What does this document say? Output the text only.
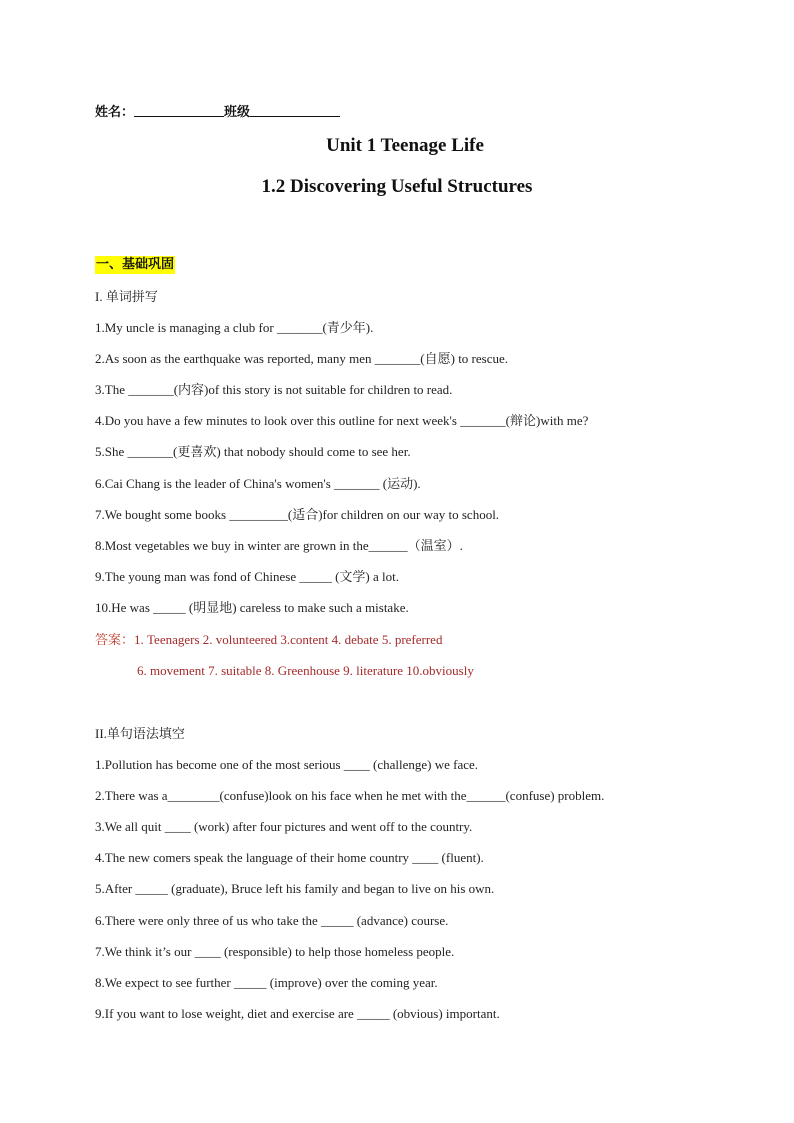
姓名：	班级
Unit 1 Teenage Life
1.2 Discovering Useful Structures
一、基础巩固
I. 单词拼写
1.My uncle is managing a club for _______(青少年).
2.As soon as the earthquake was reported, many men _______(自愿) to rescue.
3.The _______(内容)of this story is not suitable for children to read.
4.Do you have a few minutes to look over this outline for next week's _______(辩论)with me?
5.She _______(更喜欢) that nobody should come to see her.
6.Cai Chang is the leader of China's women's _______ (运动).
7.We bought some books _________(适合)for children on our way to school.
8.Most vegetables we buy in winter are grown in the______（温室）.
9.The young man was fond of Chinese _____ (文学) a lot.
10.He was _____ (明显地) careless to make such a mistake.
答案：1. Teenagers 2. volunteered 3.content 4. debate 5. preferred
6. movement 7. suitable 8. Greenhouse 9. literature 10.obviously
II.单句语法填空
1.Pollution has become one of the most serious ____ (challenge) we face.
2.There was a________(confuse)look on his face when he met with the______(confuse) problem.
3.We all quit ____ (work) after four pictures and went off to the country.
4.The new comers speak the language of their home country ____ (fluent).
5.After _____ (graduate), Bruce left his family and began to live on his own.
6.There were only three of us who take the _____ (advance) course.
7.We think it’s our ____ (responsible) to help those homeless people.
8.We expect to see further _____ (improve) over the coming year.
9.If you want to lose weight, diet and exercise are _____ (obvious) important.
